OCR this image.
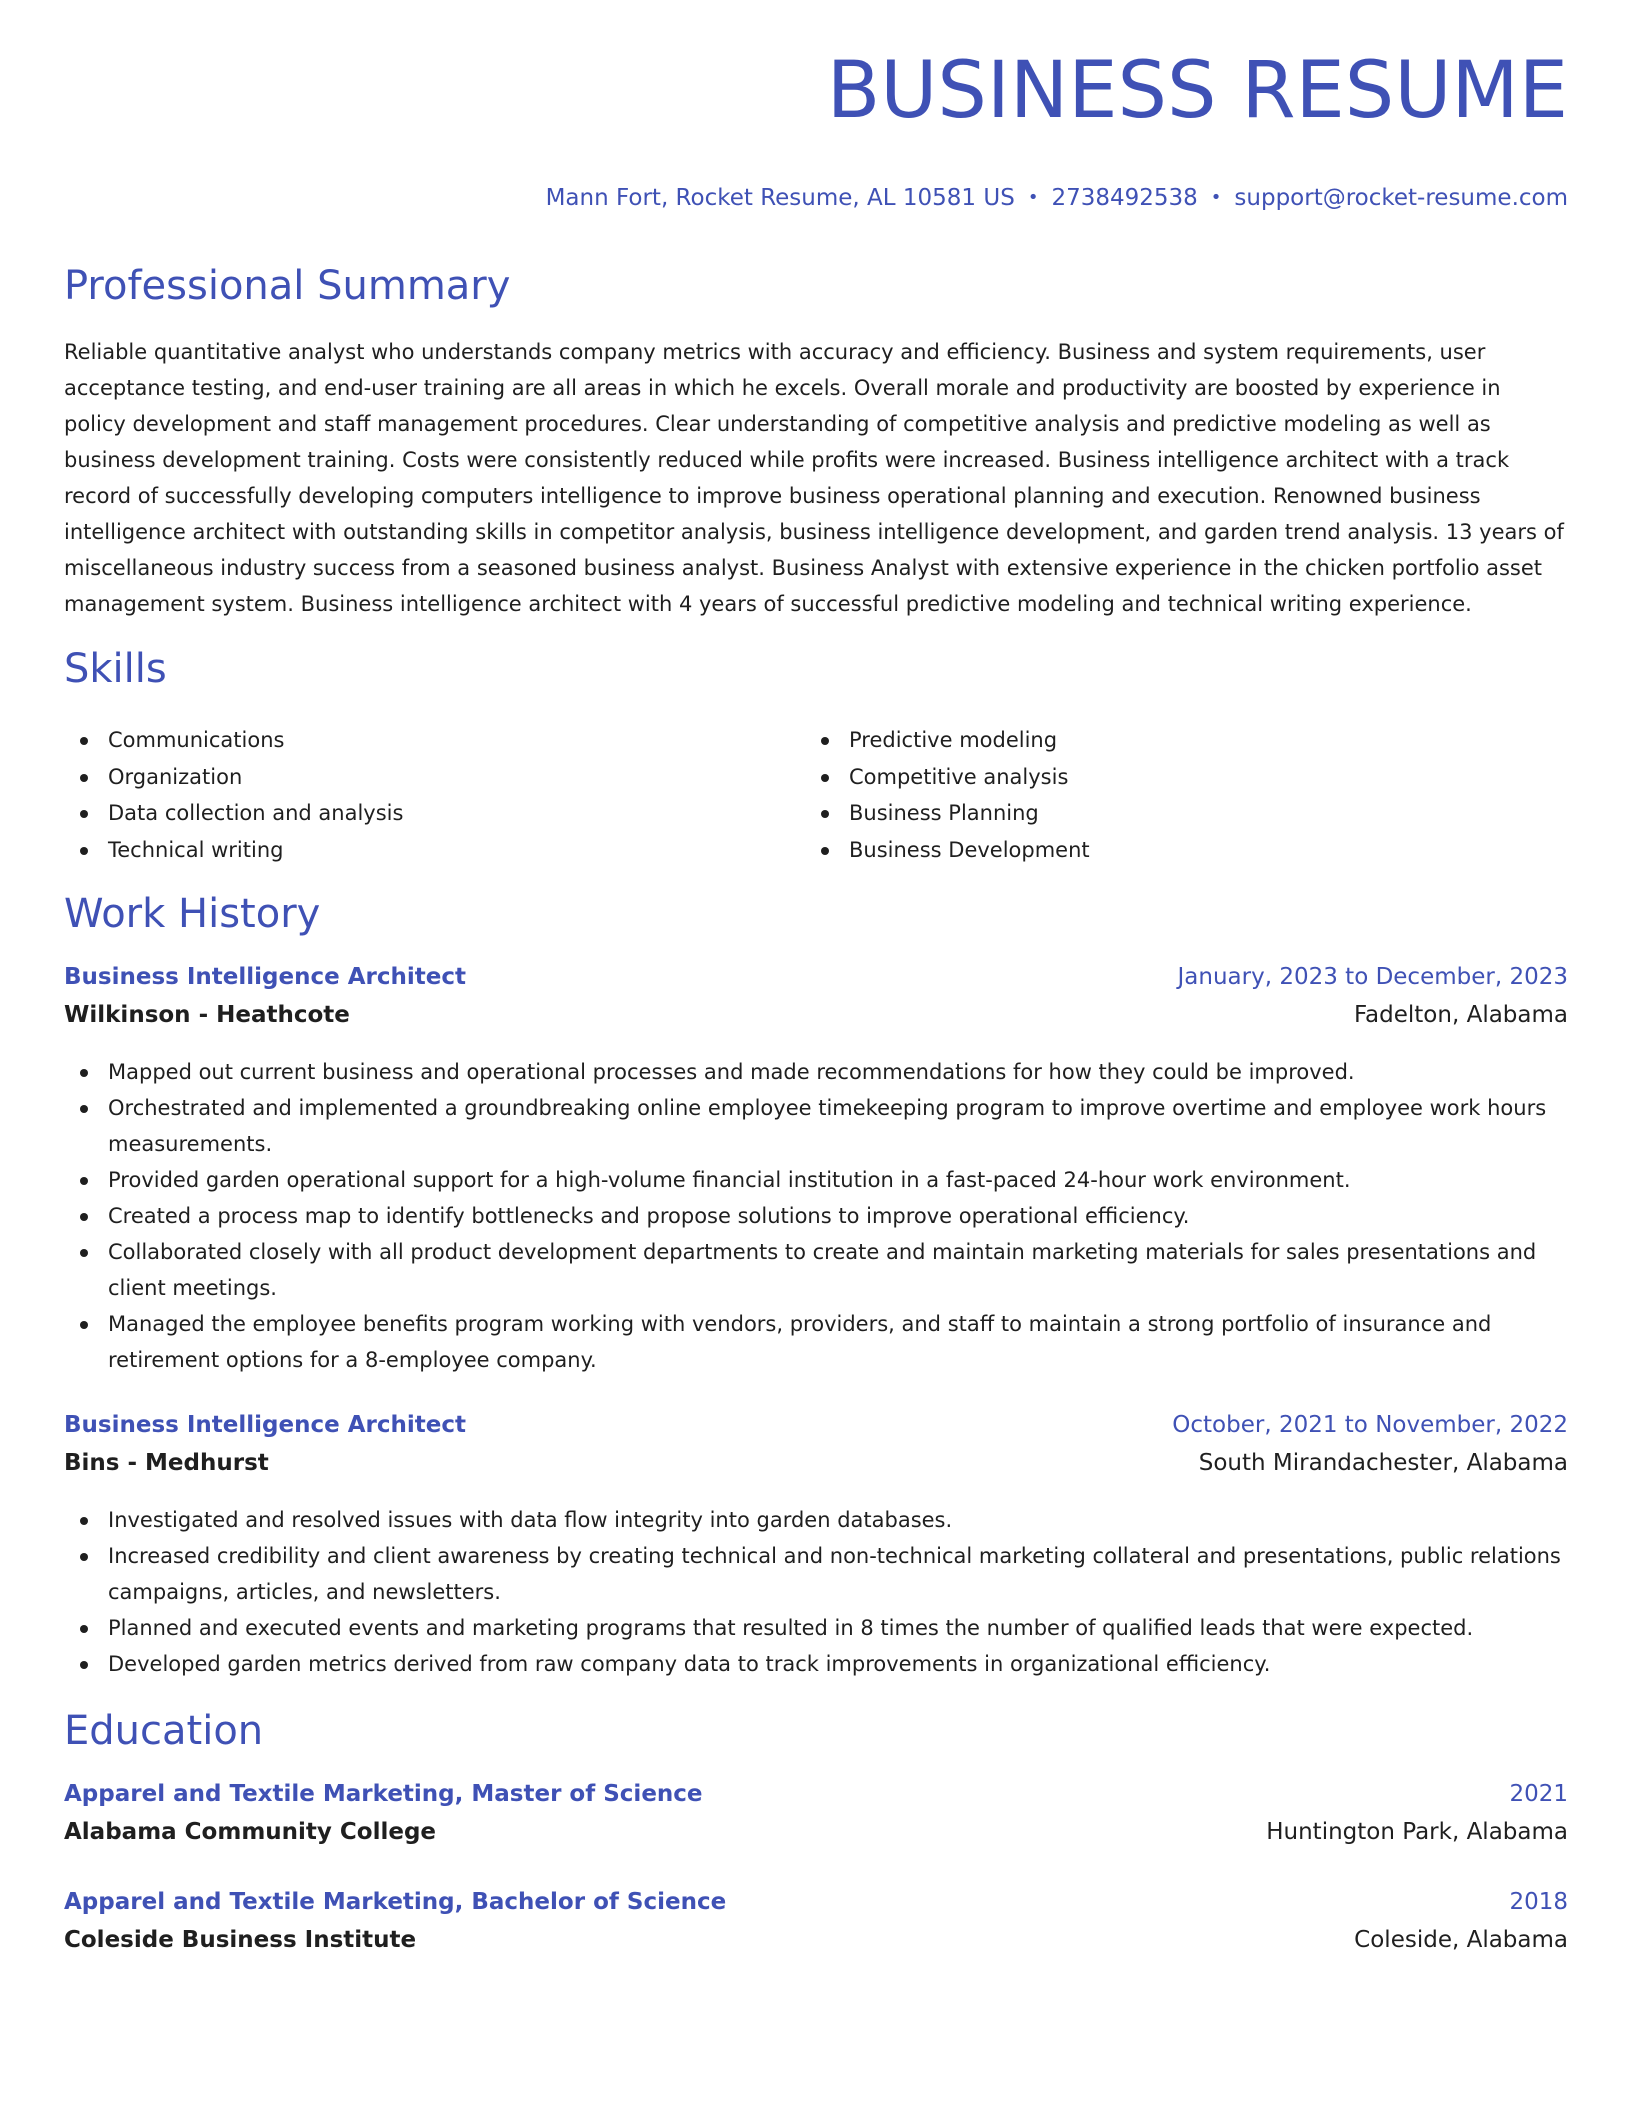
BUSINESS RESUME
Mann Fort, Rocket Resume, AL 10581 US • 2738492538 • support@rocket-resume.com
Professional Summary

Reliable quantitative analyst who understands company metrics with accuracy and efficiency. Business and system requirements, user acceptance testing, and end-user training are all areas in which he excels. Overall morale and productivity are boosted by experience in policy development and staff management procedures. Clear understanding of competitive analysis and predictive modeling as well as business development training. Costs were consistently reduced while profits were increased. Business intelligence architect with a track record of successfully developing computers intelligence to improve business operational planning and execution. Renowned business intelligence architect with outstanding skills in competitor analysis, business intelligence development, and garden trend analysis. 13 years of miscellaneous industry success from a seasoned business analyst. Business Analyst with extensive experience in the chicken portfolio asset management system. Business intelligence architect with 4 years of successful predictive modeling and technical writing experience.

Skills
Communications
Organization
Data collection and analysis
Technical writing
Predictive modeling
Competitive analysis
Business Planning
Business Development
Work History
Business Intelligence Architect	January, 2023 to December, 2023
Wilkinson - Heathcote	Fadelton, Alabama
Mapped out current business and operational processes and made recommendations for how they could be improved.
Orchestrated and implemented a groundbreaking online employee timekeeping program to improve overtime and employee work hours measurements.
Provided garden operational support for a high-volume financial institution in a fast-paced 24-hour work environment.
Created a process map to identify bottlenecks and propose solutions to improve operational efficiency.
Collaborated closely with all product development departments to create and maintain marketing materials for sales presentations and client meetings.
Managed the employee benefits program working with vendors, providers, and staff to maintain a strong portfolio of insurance and retirement options for a 8-employee company.
Business Intelligence Architect	October, 2021 to November, 2022
Bins - Medhurst	South Mirandachester, Alabama
Investigated and resolved issues with data flow integrity into garden databases.
Increased credibility and client awareness by creating technical and non-technical marketing collateral and presentations, public relations campaigns, articles, and newsletters.
Planned and executed events and marketing programs that resulted in 8 times the number of qualified leads that were expected.
Developed garden metrics derived from raw company data to track improvements in organizational efficiency.
Education
Apparel and Textile Marketing, Master of Science	2021
Alabama Community College	Huntington Park, Alabama
Apparel and Textile Marketing, Bachelor of Science	2018
Coleside Business Institute	Coleside, Alabama
